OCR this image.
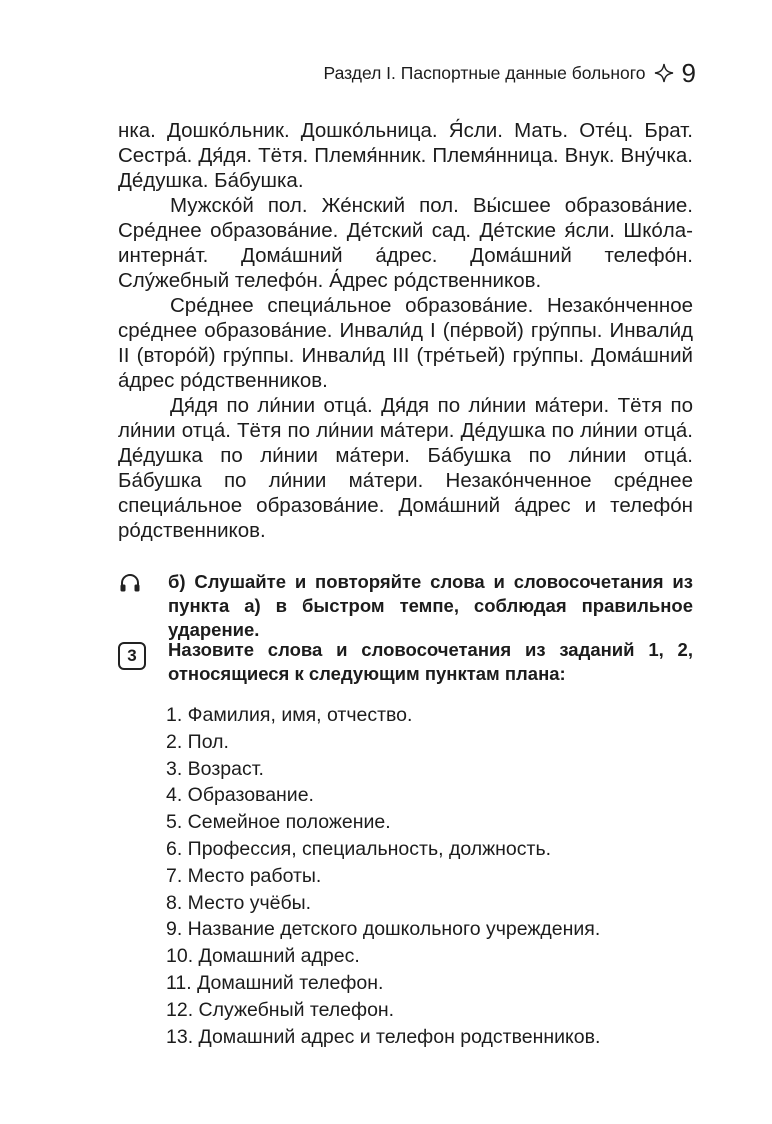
Раздел I. Паспортные данные больного 9

нка. Дошко́льник. Дошко́льница. Я́сли. Мать. Оте́ц. Брат. Сестра́. Дя́дя. Тётя. Племя́нник. Племя́нница. Внук. Вну́чка. Де́душка. Ба́бушка.

Мужско́й пол. Же́нский пол. Вы́сшее образова́ние. Сре́днее образова́ние. Де́тский сад. Де́тские я́сли. Шко́ла-интерна́т. Дома́шний а́дрес. Дома́шний телефо́н. Слу́жебный телефо́н. А́дрес ро́дственников.

Сре́днее специа́льное образова́ние. Незако́нченное сре́днее образова́ние. Инвали́д I (пе́рвой) гру́ппы. Инвали́д II (второ́й) гру́ппы. Инвали́д III (тре́тьей) гру́ппы. Дома́шний а́дрес ро́дственников.

Дя́дя по ли́нии отца́. Дя́дя по ли́нии ма́тери. Тётя по ли́нии отца́. Тётя по ли́нии ма́тери. Де́душка по ли́нии отца́. Де́душка по ли́нии ма́тери. Ба́бушка по ли́нии отца́. Ба́бушка по ли́нии ма́тери. Незако́нченное сре́днее специа́льное образова́ние. Дома́шний а́дрес и телефо́н ро́дственников.

б) Слушайте и повторяйте слова и словосочетания из пункта а) в быстром темпе, соблюдая правильное ударение.
3	Назовите слова и словосочетания из заданий 1, 2, относящиеся к следующим пунктам плана:
1. Фамилия, имя, отчество.
2. Пол.
3. Возраст.
4. Образование.
5. Семейное положение.
6. Профессия, специальность, должность.
7. Место работы.
8. Место учёбы.
9. Название детского дошкольного учреждения.
10. Домашний адрес.
11. Домашний телефон.
12. Служебный телефон.
13. Домашний адрес и телефон родственников.
